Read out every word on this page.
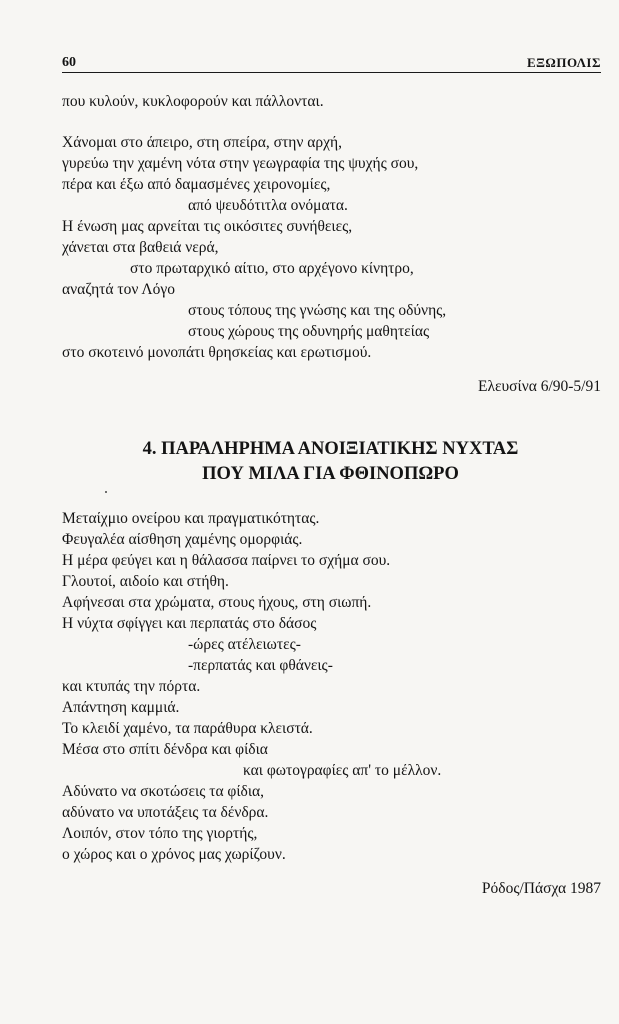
60	ΕΞΩΠΟΛΙΣ
που κυλούν, κυκλοφορούν και πάλλονται.
Χάνομαι στο άπειρο, στη σπείρα, στην αρχή,
γυρεύω την χαμένη νότα στην γεωγραφία της ψυχής σου,
πέρα και έξω από δαμασμένες χειρονομίες,
από ψευδότιτλα ονόματα.
Η ένωση μας αρνείται τις οικόσιτες συνήθειες,
χάνεται στα βαθειά νερά,
στο πρωταρχικό αίτιο, στο αρχέγονο κίνητρο,
αναζητά τον Λόγο
στους τόπους της γνώσης και της οδύνης,
στους χώρους της οδυνηρής μαθητείας
στο σκοτεινό μονοπάτι θρησκείας και ερωτισμού.
Ελευσίνα 6/90-5/91
4. ΠΑΡΑΛΗΡΗΜΑ ΑΝΟΙΞΙΑΤΙΚΗΣ ΝΥΧΤΑΣ
ΠΟΥ ΜΙΛΑ ΓΙΑ ΦΘΙΝΟΠΩΡΟ
Μεταίχμιο ονείρου και πραγματικότητας.
Φευγαλέα αίσθηση χαμένης ομορφιάς.
Η μέρα φεύγει και η θάλασσα παίρνει το σχήμα σου.
Γλουτοί, αιδοίο και στήθη.
Αφήνεσαι στα χρώματα, στους ήχους, στη σιωπή.
Η νύχτα σφίγγει και περπατάς στο δάσος
-ώρες ατέλειωτες-
-περπατάς και φθάνεις-
και κτυπάς την πόρτα.
Απάντηση καμμιά.
Το κλειδί χαμένο, τα παράθυρα κλειστά.
Μέσα στο σπίτι δένδρα και φίδια
και φωτογραφίες απ' το μέλλον.
Αδύνατο να σκοτώσεις τα φίδια,
αδύνατο να υποτάξεις τα δένδρα.
Λοιπόν, στον τόπο της γιορτής,
ο χώρος και ο χρόνος μας χωρίζουν.
Ρόδος/Πάσχα 1987
